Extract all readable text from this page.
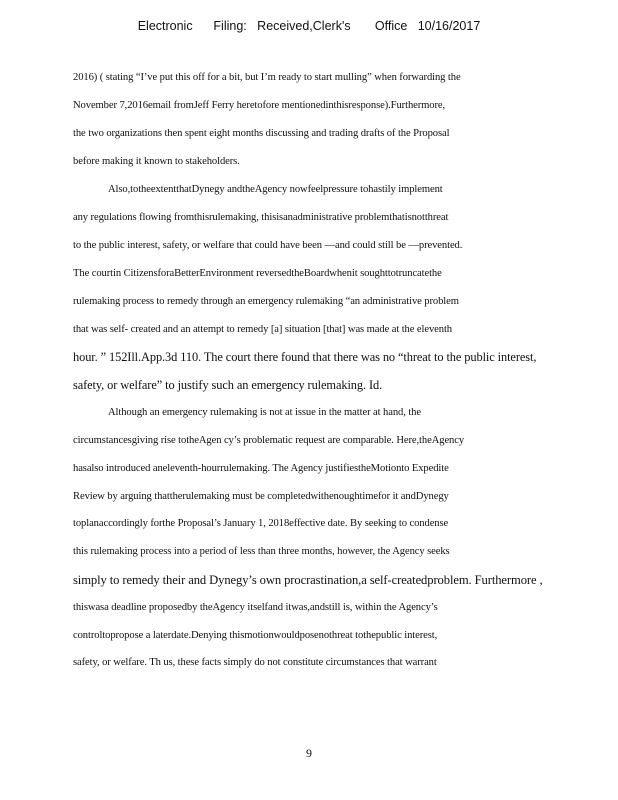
Electronic      Filing:   Received,Clerk's       Office   10/16/2017
2016) ( stating “I’ve put this off for a bit, but I’m ready to start mulling” when forwarding the
November 7,2016email fromJeff Ferry heretofore mentionedinthisresponse).Furthermore,
the two organizations then spent eight months discussing and trading drafts of the Proposal
before making it known to stakeholders.
Also,totheextentthatDynegy andtheAgency nowfeelpressure tohastily implement
any regulations flowing fromthisrulemaking, thisisanadministrative problemthatisnotthreat
to the public interest, safety, or welfare that could have been —and could still be —prevented.
The courtin CitizensforaBetterEnvironment reversedtheBoardwhenit soughttotruncatethe
rulemaking process to remedy through an emergency rulemaking “an administrative problem
that was self- created and an attempt to remedy [a] situation [that] was made at the eleventh
hour. ” 152Ill.App.3d 110. The court there found that there was no “threat to the public interest,
safety, or welfare” to justify such an emergency rulemaking. Id.
Although an emergency rulemaking is not at issue in the matter at hand, the
circumstancesgiving rise totheAgen cy’s problematic request are comparable. Here,theAgency
hasalso introduced aneleventh-hourrulemaking. The Agency justifiestheMotionto Expedite
Review by arguing thattherulemaking must be completedwithenoughtimefor it andDynegy
toplanaccordingly forthe Proposal’s January 1, 2018effective date. By seeking to condense
this rulemaking process into a period of less than three months, however, the Agency seeks
simply to remedy their and Dynegy’s own procrastination,a self-createdproblem. Furthermore ,
thiswasa deadline proposedby theAgency itselfand itwas,andstill is, within the Agency’s
controltopropose a laterdate.Denying thismotionwouldposenothreat tothepublic interest,
safety, or welfare. Th us, these facts simply do not constitute circumstances that warrant
9
